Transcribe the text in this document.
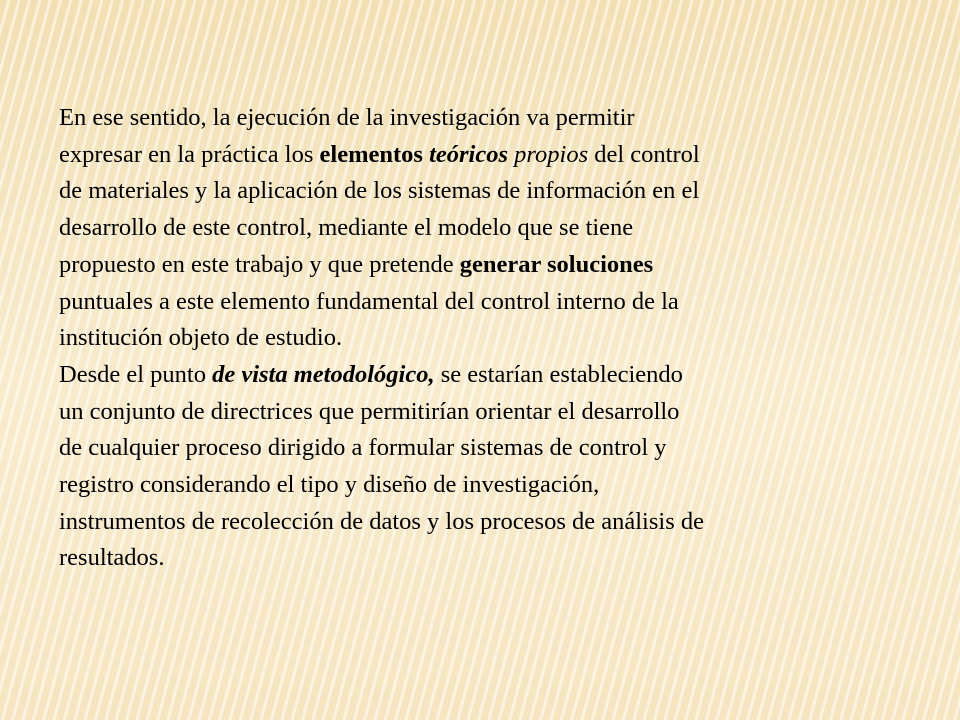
En ese sentido, la ejecución de la investigación va permitir

expresar en la práctica los elementos teóricos propios del control

de materiales y la aplicación de los sistemas de información en el

desarrollo de este control, mediante el modelo que se tiene

propuesto en este trabajo y que pretende generar soluciones

puntuales a este elemento fundamental del control interno de la

institución objeto de estudio.

Desde el punto de vista metodológico, se estarían estableciendo

un conjunto de directrices que permitirían orientar el desarrollo

de cualquier proceso dirigido a formular sistemas de control y

registro considerando el tipo y diseño de investigación,

instrumentos de recolección de datos y los procesos de análisis de

resultados.
